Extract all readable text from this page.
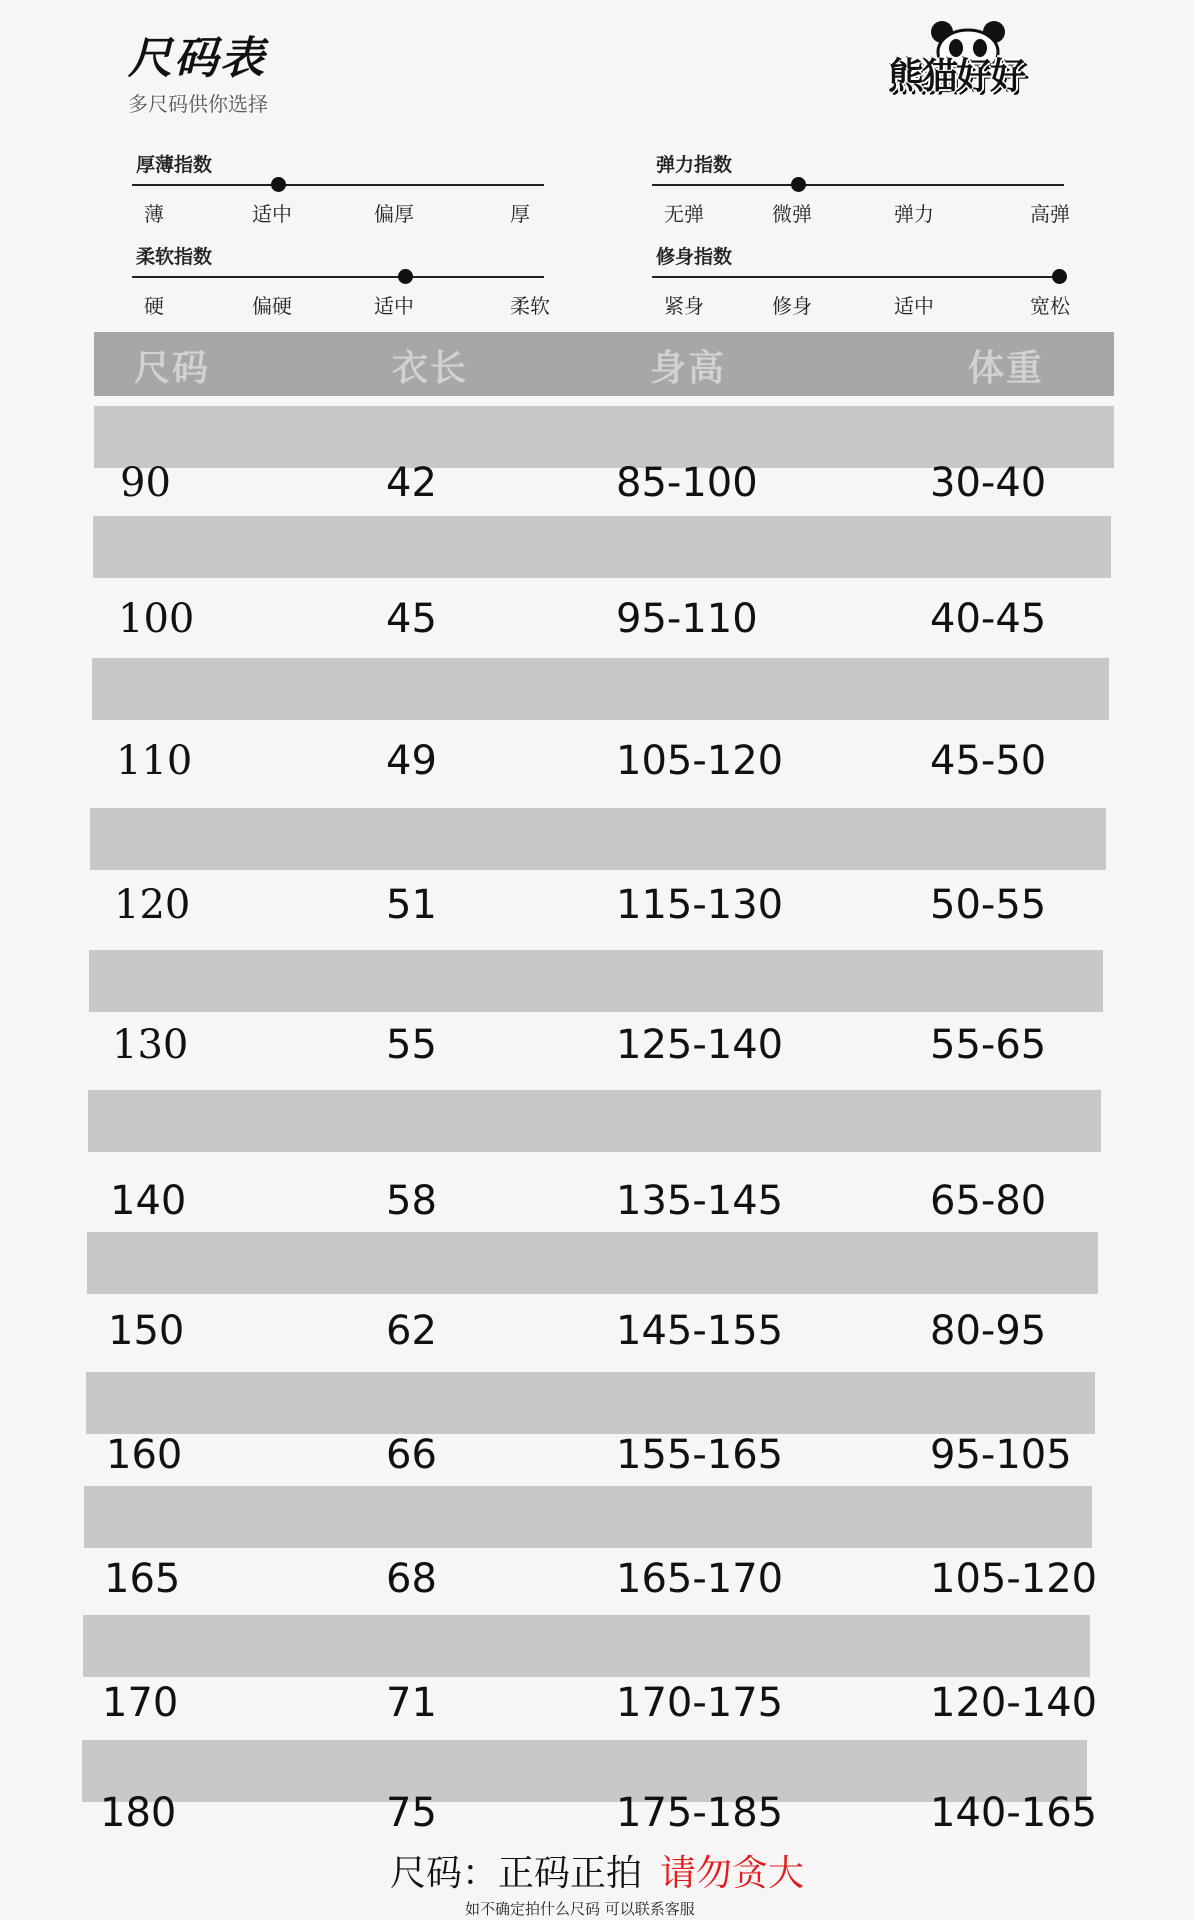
尺码表
多尺码供你选择
熊猫好好
厚薄指数
薄	适中	偏厚	厚
弹力指数
无弹	微弹	弹力	高弹
柔软指数
硬	偏硬	适中	柔软
修身指数
紧身	修身	适中	宽松
尺码	衣长	身高	体重
90	42	85-100	30-40
100	45	95-110	40-45
110	49	105-120	45-50
120	51	115-130	50-55
130	55	125-140	55-65
140	58	135-145	65-80
150	62	145-155	80-95
160	66	155-165	95-105
165	68	165-170	105-120
170	71	170-175	120-140
180	75	175-185	140-165
尺码：正码正拍 请勿贪大
如不确定拍什么尺码 可以联系客服
